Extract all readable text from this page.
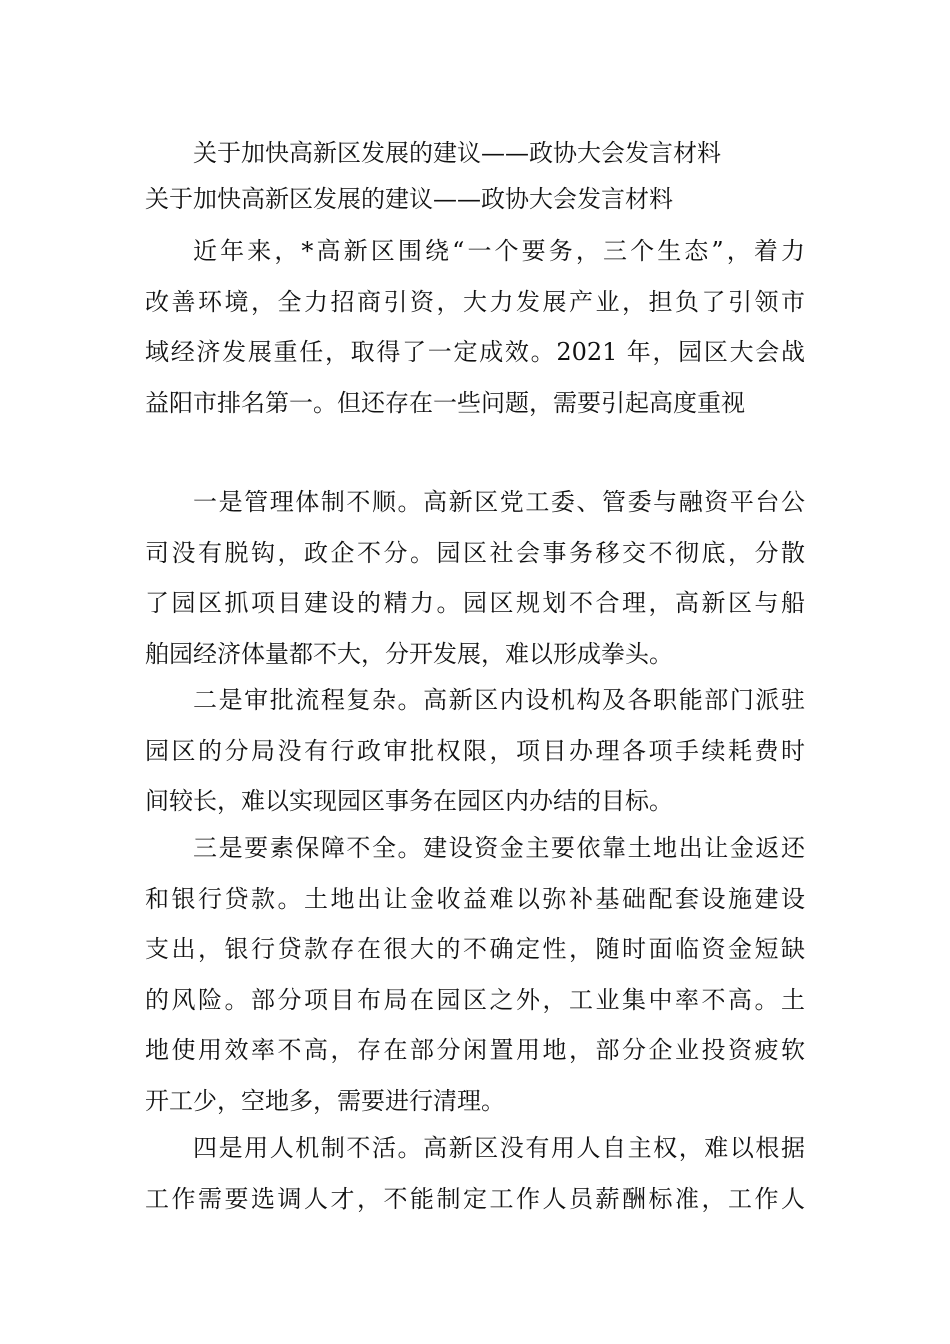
关于加快高新区发展的建议——政协大会发言材料
关于加快高新区发展的建议——政协大会发言材料
近年来，*高新区围绕“一个要务，三个生态”，着力
改善环境，全力招商引资，大力发展产业，担负了引领市
域经济发展重任，取得了一定成效。2021 年，园区大会战
益阳市排名第一。但还存在一些问题，需要引起高度重视
一是管理体制不顺。高新区党工委、管委与融资平台公
司没有脱钩，政企不分。园区社会事务移交不彻底，分散
了园区抓项目建设的精力。园区规划不合理，高新区与船
舶园经济体量都不大，分开发展，难以形成拳头。
二是审批流程复杂。高新区内设机构及各职能部门派驻
园区的分局没有行政审批权限，项目办理各项手续耗费时
间较长，难以实现园区事务在园区内办结的目标。
三是要素保障不全。建设资金主要依靠土地出让金返还
和银行贷款。土地出让金收益难以弥补基础配套设施建设
支出，银行贷款存在很大的不确定性，随时面临资金短缺
的风险。部分项目布局在园区之外，工业集中率不高。土
地使用效率不高，存在部分闲置用地，部分企业投资疲软
开工少，空地多，需要进行清理。
四是用人机制不活。高新区没有用人自主权，难以根据
工作需要选调人才，不能制定工作人员薪酬标准，工作人
